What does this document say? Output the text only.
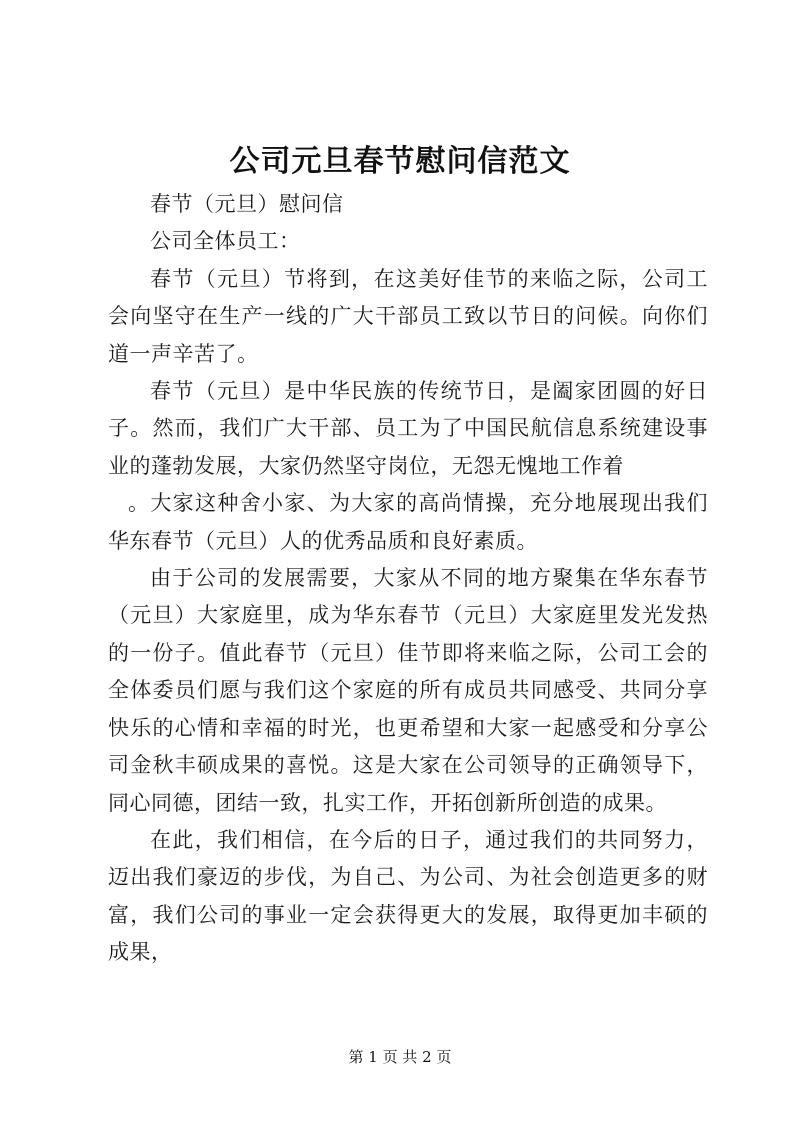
公司元旦春节慰问信范文

春节（元旦）慰问信

公司全体员工：

春节（元旦）节将到，在这美好佳节的来临之际，公司工会向坚守在生产一线的广大干部员工致以节日的问候。向你们道一声辛苦了。

春节（元旦）是中华民族的传统节日，是阖家团圆的好日子。然而，我们广大干部、员工为了中国民航信息系统建设事业的蓬勃发展，大家仍然坚守岗位，无怨无愧地工作着

。大家这种舍小家、为大家的高尚情操，充分地展现出我们华东春节（元旦）人的优秀品质和良好素质。

由于公司的发展需要，大家从不同的地方聚集在华东春节（元旦）大家庭里，成为华东春节（元旦）大家庭里发光发热的一份子。值此春节（元旦）佳节即将来临之际，公司工会的全体委员们愿与我们这个家庭的所有成员共同感受、共同分享快乐的心情和幸福的时光，也更希望和大家一起感受和分享公司金秋丰硕成果的喜悦。这是大家在公司领导的正确领导下，同心同德，团结一致，扎实工作，开拓创新所创造的成果。

在此，我们相信，在今后的日子，通过我们的共同努力，迈出我们豪迈的步伐，为自己、为公司、为社会创造更多的财富，我们公司的事业一定会获得更大的发展，取得更加丰硕的成果，

第 1 页 共 2 页
